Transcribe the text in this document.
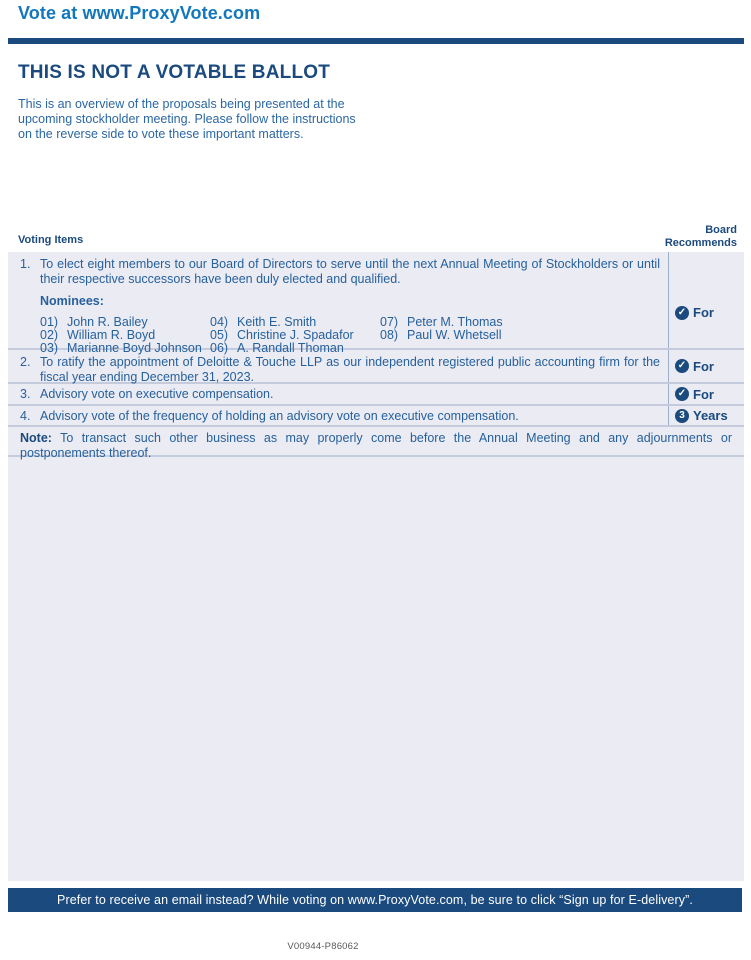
Vote at www.ProxyVote.com
THIS IS NOT A VOTABLE BALLOT
This is an overview of the proposals being presented at the upcoming stockholder meeting. Please follow the instructions on the reverse side to vote these important matters.
Voting Items
Board
Recommends
1. To elect eight members to our Board of Directors to serve until the next Annual Meeting of Stockholders or until their respective successors have been duly elected and qualified.
Nominees:
01) John R. Bailey
02) William R. Boyd
03) Marianne Boyd Johnson
04) Keith E. Smith
05) Christine J. Spadafor
06) A. Randall Thoman
07) Peter M. Thomas
08) Paul W. Whetsell
✓ For
2. To ratify the appointment of Deloitte & Touche LLP as our independent registered public accounting firm for the fiscal year ending December 31, 2023.
✓ For
3. Advisory vote on executive compensation.	✓ For
4. Advisory vote of the frequency of holding an advisory vote on executive compensation.	3 Years
Note: To transact such other business as may properly come before the Annual Meeting and any adjournments or postponements thereof.
Prefer to receive an email instead? While voting on www.ProxyVote.com, be sure to click “Sign up for E-delivery”.
V00944-P86062
